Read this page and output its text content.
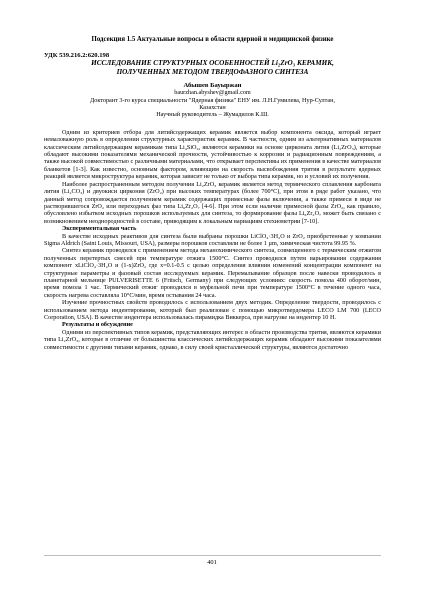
Подсекция 1.5 Актуальные вопросы в области ядерной и медицинской физике
УДК 539.216.2:620.198
ИССЛЕДОВАНИЕ СТРУКТУРНЫХ ОСОБЕННОСТЕЙ Li₂ZrO₃ КЕРАМИК,
ПОЛУЧЕННЫХ МЕТОДОМ ТВЕРДОФАЗНОГО СИНТЕЗА
Абышев Бауыржан
baurzhan.abyshev@gmail.com
Докторант 3-го курса специальности "Ядерная физика" ЕНУ им. Л.Н.Гумилева, Нур-Султан,
Казахстан
Научный руководитель – Жумадилов К.Ш.

Одним из критериев отбора для литийсодержащих керамик является выбор компонента оксида, который играет немаловажную роль в определении структурных характеристик керамик. В частности, одним из альтернативных материалов классическим литийсодержащим керамикам типа Li₄SiO₄, являются керамики на основе цирконата лития (Li₂ZrO₃), которые обладают высокими показателями механической прочности, устойчивостью к коррозии и радиационным повреждениям, а также высокой совместимостью с различными материалами, что открывает перспективы их применения в качестве материалов бланкетов [1-3]. Как известно, основным фактором, влияющим на скорость высвобождения трития в результате ядерных реакций является микроструктура керамик, которая зависит не только от выбора типа керамик, но и условий их получения.

Наиболее распространенным методом получения Li₂ZrO₃ керамик является метод термического сплавления карбоната лития (Li₂CO₃) и двуокиси циркония (ZrO₂) при высоких температурах (более 700°C), при этом в ряде работ указано, что данный метод сопровождается получением керамик содержащих примесные фазы включения, а также примеси в виде не растворившегося ZrO₂ или переходных фаз типа Li₆Zr₂O₇ [4-6]. При этом если наличие примесной фазы ZrO₂, как правило, обусловлено избытком исходных порошков используемых для синтеза, то формирование фазы Li₆Zr₂O₇ может быть связано с возникновением неоднородностей в составе, приводящим к локальным вариациям стехиометрии [7-10].

Экспериментальная часть

В качестве исходных реактивов для синтеза были выбраны порошки LiClO₄·3H₂O и ZrO₂ приобретенные у компании Sigma Aldrich (Saint Louis, Missouri, USA), размеры порошков составляли не более 1 µm, химическая чистота 99.95 %.

Синтез керамик проводился с применением метода механохимического синтеза, совмещенного с термическим отжигом полученных перетертых смесей при температуре отжига 1500°C. Синтез проводился путем варьирования содержания компонент xLiClO₄·3H₂O и (1-x)ZrO₂ где x=0.1-0.5 с целью определения влияния изменений концентрации компонент на структурные параметры и фазовый состав исследуемых керамик. Перемалывание образцов после навески проводилось в планетарной мельнице PULVERISETTE 6 (Fritsch, Germany) при следующих условиях: скорость помола 400 оборот/мин, время помола 1 час. Термический отжиг проводился в муфельной печи при температуре 1500°C в течение одного часа, скорость нагрева составляла 10°C/мин, время остывания 24 часа.

Изучение прочностных свойств проводилось с использованием двух методик. Определение твердости, проводилось с использованием метода индентирования, который был реализован с помощью микротвердомера LECO LM 700 (LECO Corporation, USA). В качестве индентера использовалась пирамидка Виккерса, при нагрузке на индентер 10 Н.

Результаты и обсуждение

Одними из перспективных типов керамик, представляющих интерес в области производства трития, являются керамики типа Li₂ZrO₃, которые в отличие от большинства классических литийсодержащих керамик обладают высокими показателями совместимости с другими типами керамик, однако, в силу своей кристаллической структуры, являются достаточно

401
